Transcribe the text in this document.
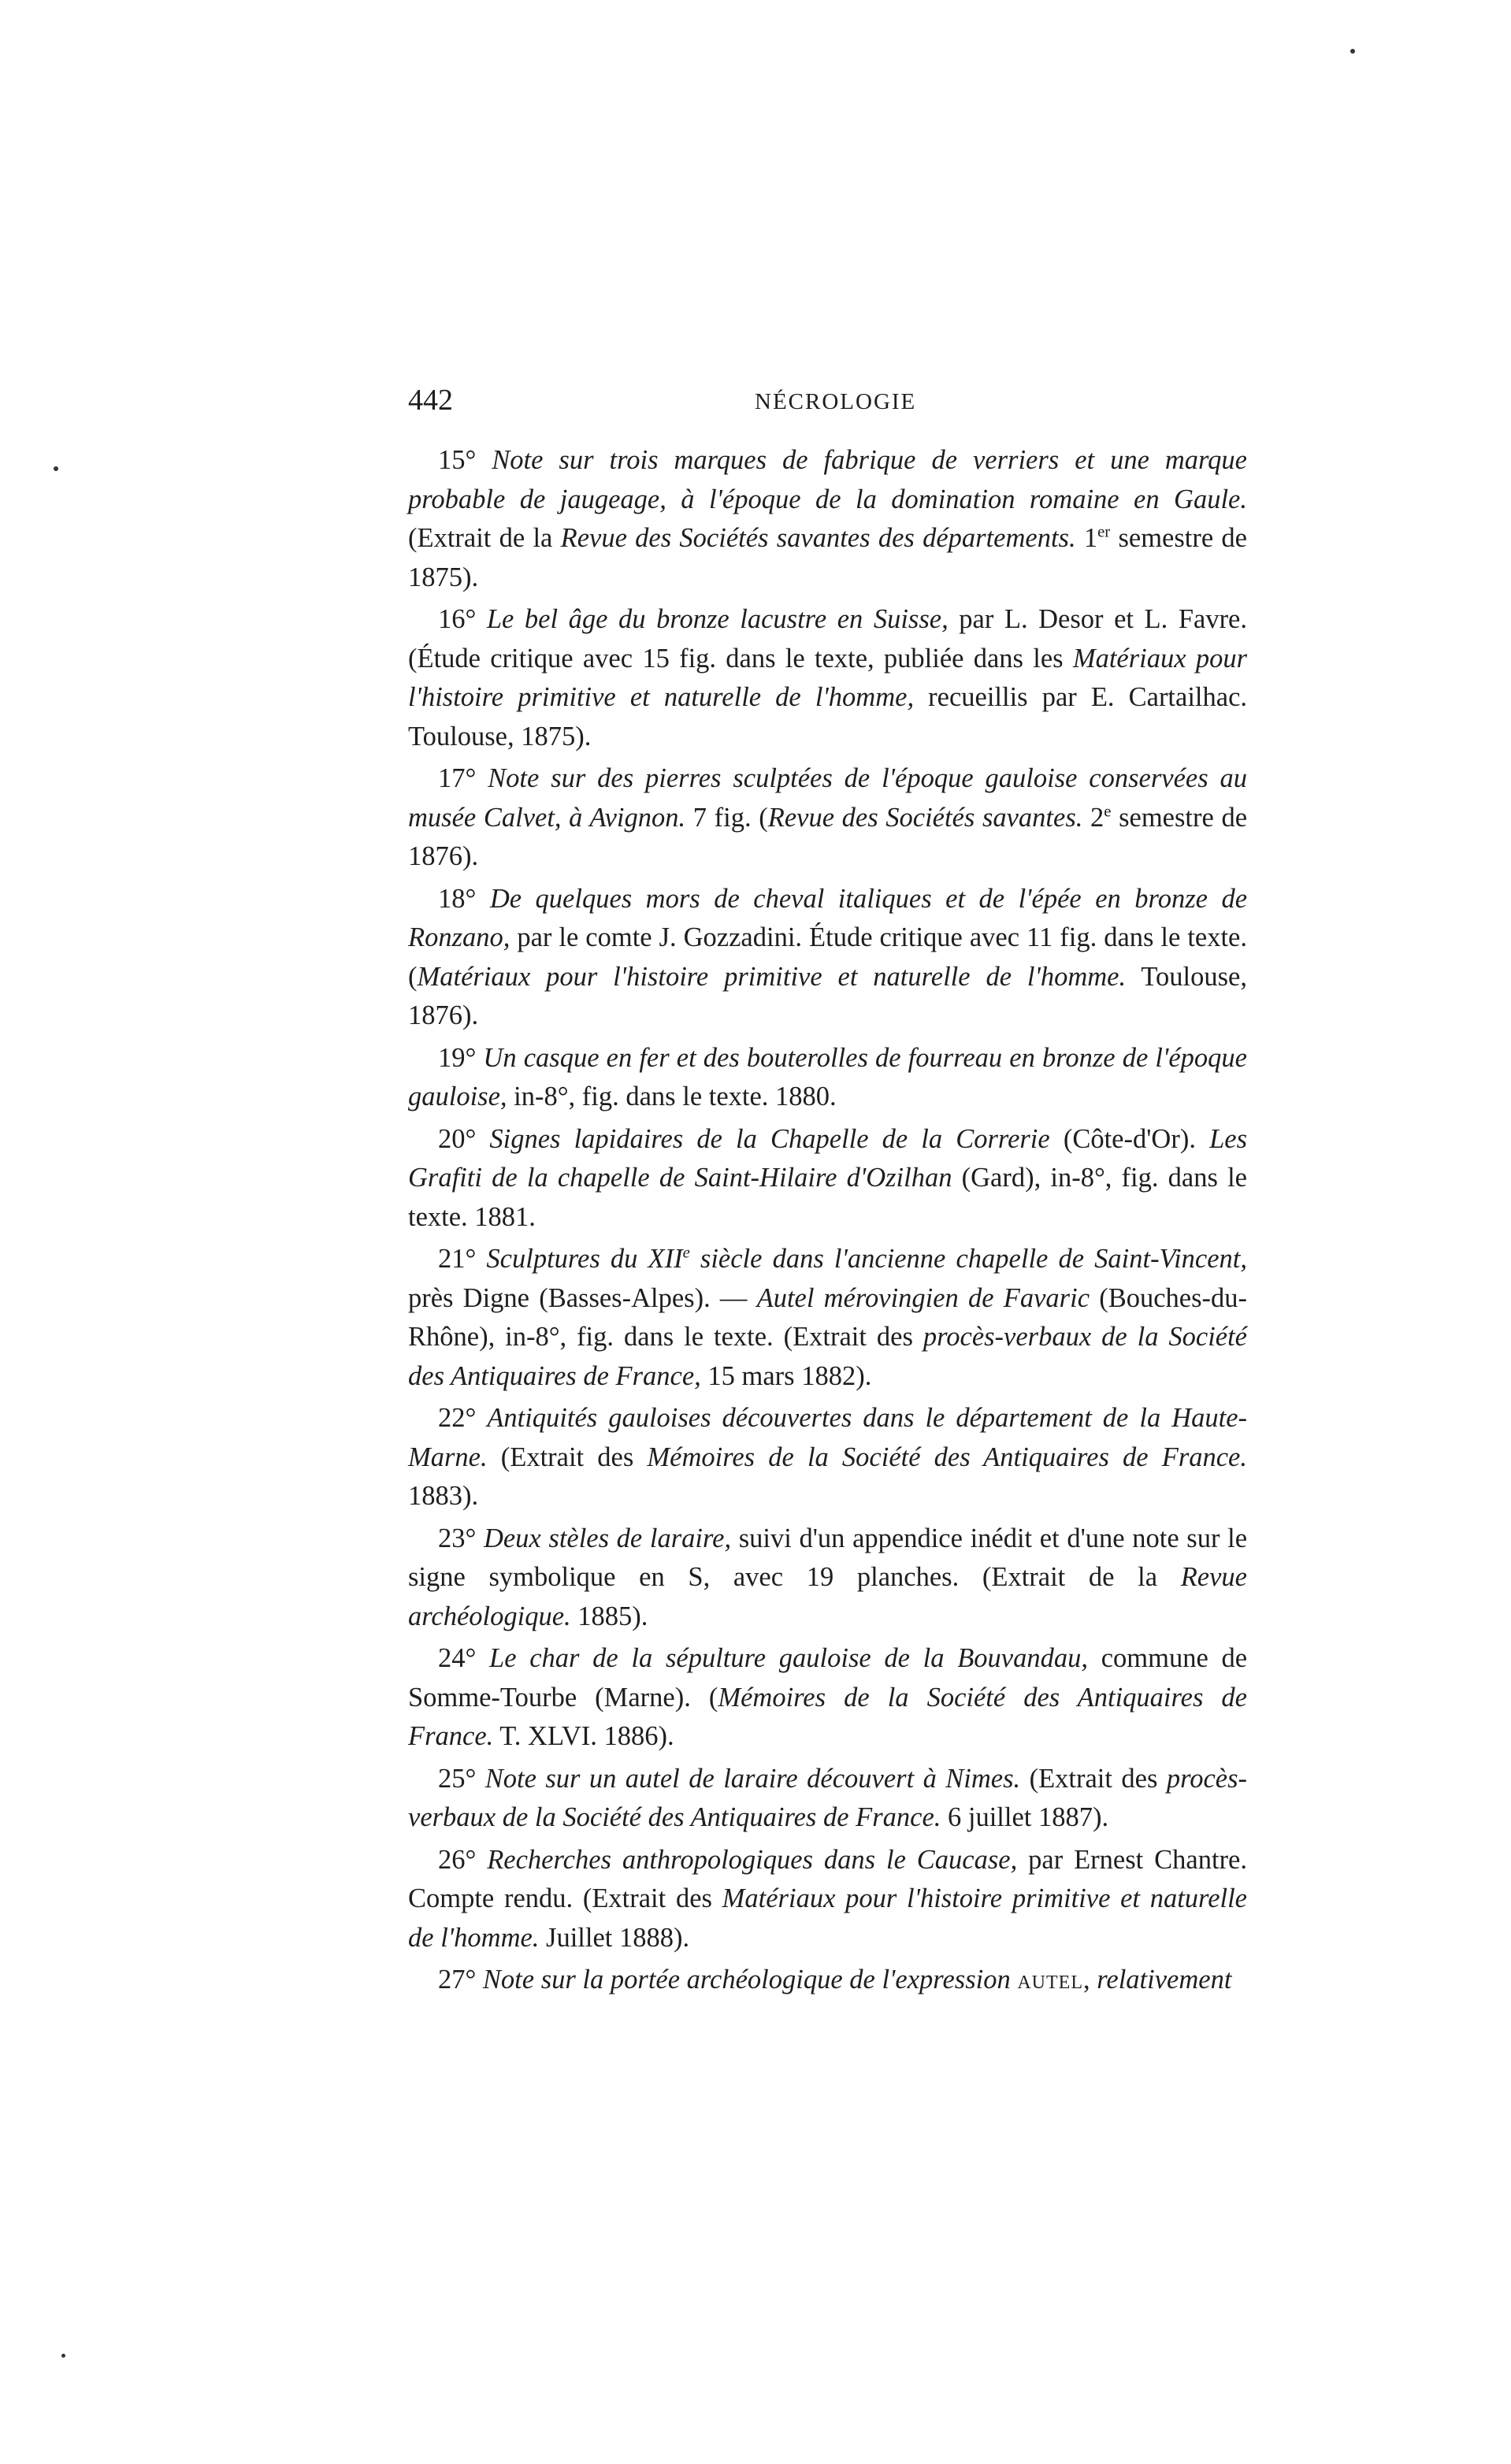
442	NÉCROLOGIE

15° Note sur trois marques de fabrique de verriers et une marque probable de jaugeage, à l'époque de la domination romaine en Gaule. (Extrait de la Revue des Sociétés savantes des départements. 1er semestre de 1875).

16° Le bel âge du bronze lacustre en Suisse, par L. Desor et L. Favre. (Étude critique avec 15 fig. dans le texte, publiée dans les Matériaux pour l'histoire primitive et naturelle de l'homme, recueillis par E. Cartailhac. Toulouse, 1875).

17° Note sur des pierres sculptées de l'époque gauloise conservées au musée Calvet, à Avignon. 7 fig. (Revue des Sociétés savantes. 2e semestre de 1876).

18° De quelques mors de cheval italiques et de l'épée en bronze de Ronzano, par le comte J. Gozzadini. Étude critique avec 11 fig. dans le texte. (Matériaux pour l'histoire primitive et naturelle de l'homme. Toulouse, 1876).

19° Un casque en fer et des bouterolles de fourreau en bronze de l'époque gauloise, in-8°, fig. dans le texte. 1880.

20° Signes lapidaires de la Chapelle de la Correrie (Côte-d'Or). Les Grafiti de la chapelle de Saint-Hilaire d'Ozilhan (Gard), in-8°, fig. dans le texte. 1881.

21° Sculptures du XIIe siècle dans l'ancienne chapelle de Saint-Vincent, près Digne (Basses-Alpes). — Autel mérovingien de Favaric (Bouches-du-Rhône), in-8°, fig. dans le texte. (Extrait des procès-verbaux de la Société des Antiquaires de France, 15 mars 1882).

22° Antiquités gauloises découvertes dans le département de la Haute-Marne. (Extrait des Mémoires de la Société des Antiquaires de France. 1883).

23° Deux stèles de laraire, suivi d'un appendice inédit et d'une note sur le signe symbolique en S, avec 19 planches. (Extrait de la Revue archéologique. 1885).

24° Le char de la sépulture gauloise de la Bouvandau, commune de Somme-Tourbe (Marne). (Mémoires de la Société des Antiquaires de France. T. XLVI. 1886).

25° Note sur un autel de laraire découvert à Nimes. (Extrait des procès-verbaux de la Société des Antiquaires de France. 6 juillet 1887).

26° Recherches anthropologiques dans le Caucase, par Ernest Chantre. Compte rendu. (Extrait des Matériaux pour l'histoire primitive et naturelle de l'homme. Juillet 1888).

27° Note sur la portée archéologique de l'expression autel, relativement
